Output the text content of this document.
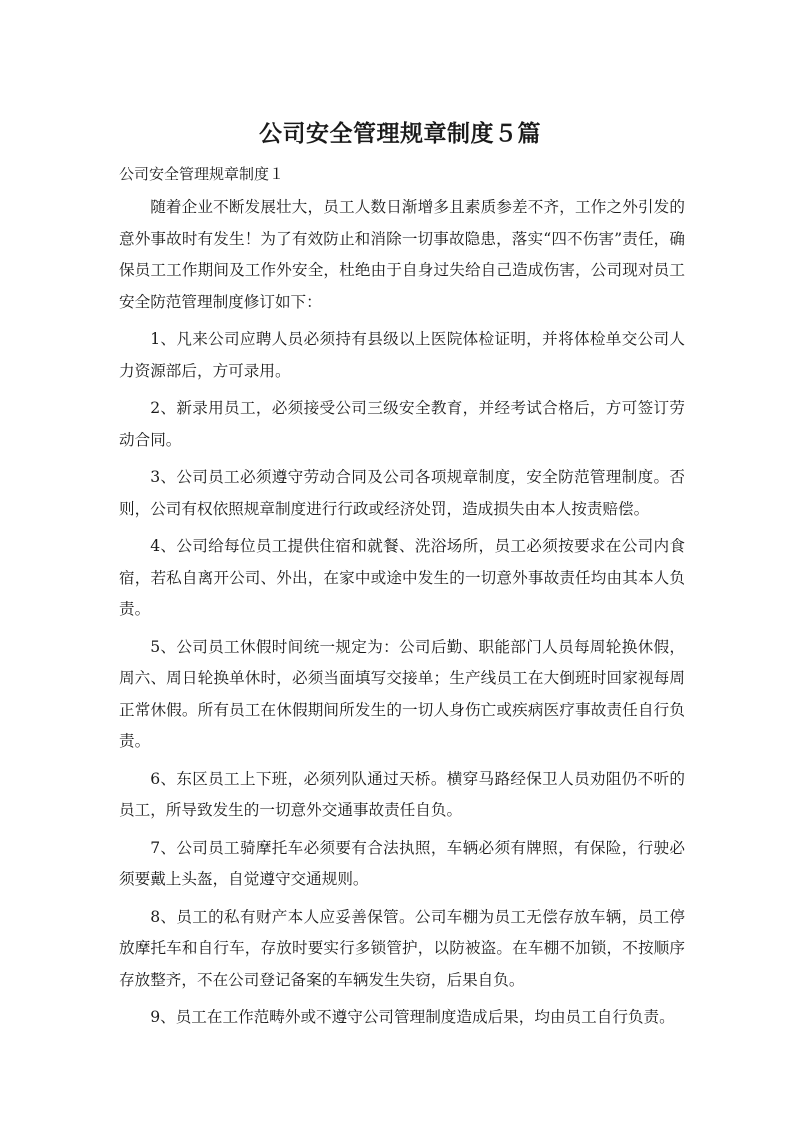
公司安全管理规章制度５篇

公司安全管理规章制度１

随着企业不断发展壮大，员工人数日渐增多且素质参差不齐，工作之外引发的意外事故时有发生！为了有效防止和消除一切事故隐患，落实“四不伤害”责任，确保员工工作期间及工作外安全，杜绝由于自身过失给自己造成伤害，公司现对员工安全防范管理制度修订如下：

1、凡来公司应聘人员必须持有县级以上医院体检证明，并将体检单交公司人力资源部后，方可录用。

2、新录用员工，必须接受公司三级安全教育，并经考试合格后，方可签订劳动合同。

3、公司员工必须遵守劳动合同及公司各项规章制度，安全防范管理制度。否则，公司有权依照规章制度进行行政或经济处罚，造成损失由本人按责赔偿。

4、公司给每位员工提供住宿和就餐、洗浴场所，员工必须按要求在公司内食宿，若私自离开公司、外出，在家中或途中发生的一切意外事故责任均由其本人负责。

5、公司员工休假时间统一规定为：公司后勤、职能部门人员每周轮换休假，周六、周日轮换单休时，必须当面填写交接单；生产线员工在大倒班时回家视每周正常休假。所有员工在休假期间所发生的一切人身伤亡或疾病医疗事故责任自行负责。

6、东区员工上下班，必须列队通过天桥。横穿马路经保卫人员劝阻仍不听的员工，所导致发生的一切意外交通事故责任自负。

7、公司员工骑摩托车必须要有合法执照，车辆必须有牌照，有保险，行驶必须要戴上头盔，自觉遵守交通规则。

8、员工的私有财产本人应妥善保管。公司车棚为员工无偿存放车辆，员工停放摩托车和自行车，存放时要实行多锁管护，以防被盗。在车棚不加锁，不按顺序存放整齐，不在公司登记备案的车辆发生失窃，后果自负。

9、员工在工作范畴外或不遵守公司管理制度造成后果，均由员工自行负责。
